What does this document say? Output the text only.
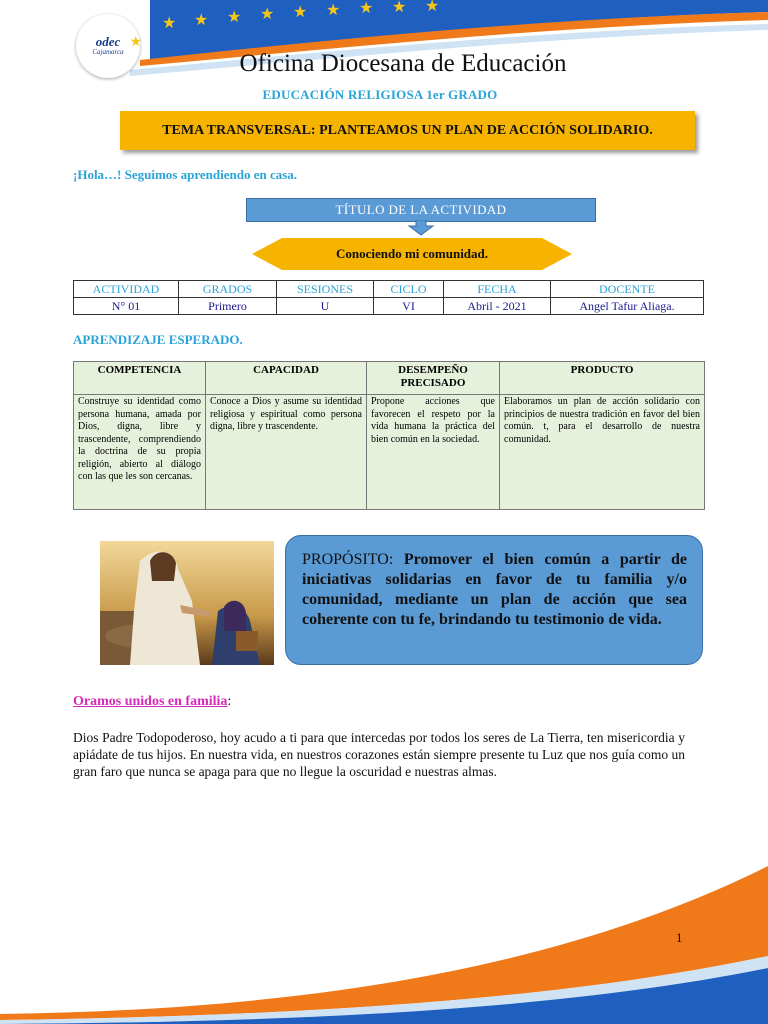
★ ★ ★ ★ ★ ★ ★ ★ ★
odec
Cajamarca
★
Oficina Diocesana de Educación
EDUCACIÓN RELIGIOSA 1er GRADO
TEMA TRANSVERSAL: PLANTEAMOS UN PLAN DE ACCIÓN SOLIDARIO.
¡Hola…! Seguimos aprendiendo en casa.
TÍTULO DE LA ACTIVIDAD
Conociendo mi comunidad.
ACTIVIDAD	GRADOS	SESIONES	CICLO	FECHA	DOCENTE
N° 01	Primero	U	VI	Abril - 2021	Angel Tafur Aliaga.
APRENDIZAJE ESPERADO.
COMPETENCIA	CAPACIDAD	DESEMPEÑO PRECISADO	PRODUCTO
Construye su identidad como persona humana, amada por Dios, digna, libre y trascendente, comprendiendo la doctrina de su propia religión, abierto al diálogo con las que les son cercanas.	Conoce a Dios y asume su identidad religiosa y espiritual como persona digna, libre y trascendente.	Propone acciones que favorecen el respeto por la vida humana la práctica del bien común en la sociedad.	Elaboramos un plan de acción solidario con principios de nuestra tradición en favor del bien común. t, para el desarrollo de nuestra comunidad.
PROPÓSITO: Promover el bien común a partir de iniciativas solidarias en favor de tu familia y/o comunidad, mediante un plan de acción que sea coherente con tu fe, brindando tu testimonio de vida.
Oramos unidos en familia:
Dios Padre Todopoderoso, hoy acudo a ti para que intercedas por todos los seres de La Tierra, ten misericordia y apiádate de tus hijos. En nuestra vida, en nuestros corazones están siempre presente tu Luz que nos guía como un gran faro que nunca se apaga para que no llegue la oscuridad e nuestras almas.
1
